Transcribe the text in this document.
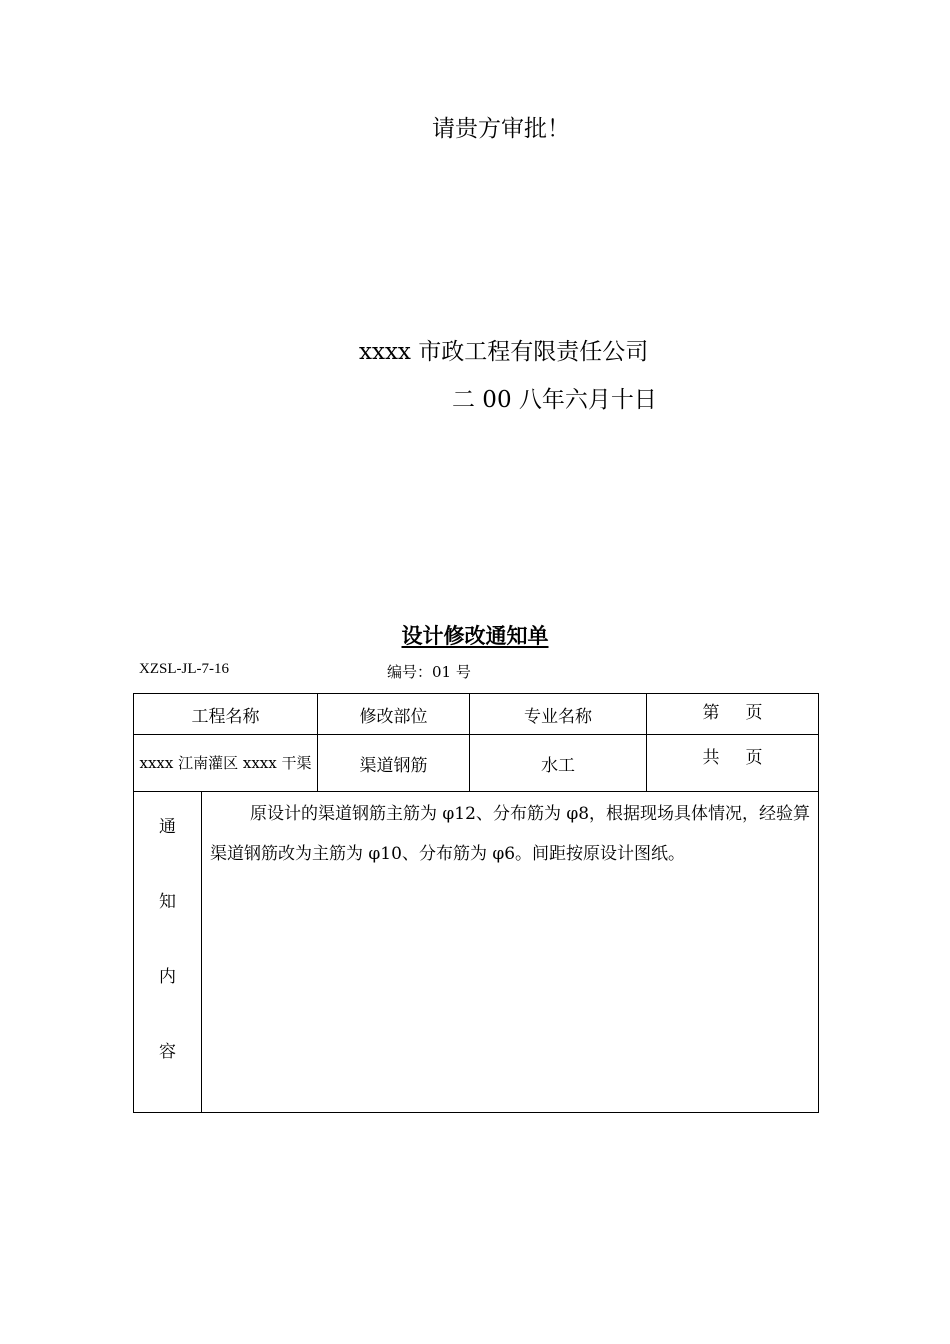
请贵方审批！
xxxx 市政工程有限责任公司
二 00 八年六月十日
设计修改通知单
XZSL-JL-7-16	编号：01 号
工程名称		修改部位	专业名称	第 页
xxxx 江南灌区 xxxx 干渠		渠道钢筋	水工	共 页

通
知
内
容	原设计的渠道钢筋主筋为 φ12、分布筋为 φ8，根据现场具体情况，经验算渠道钢筋改为主筋为 φ10、分布筋为 φ6。间距按原设计图纸。			
